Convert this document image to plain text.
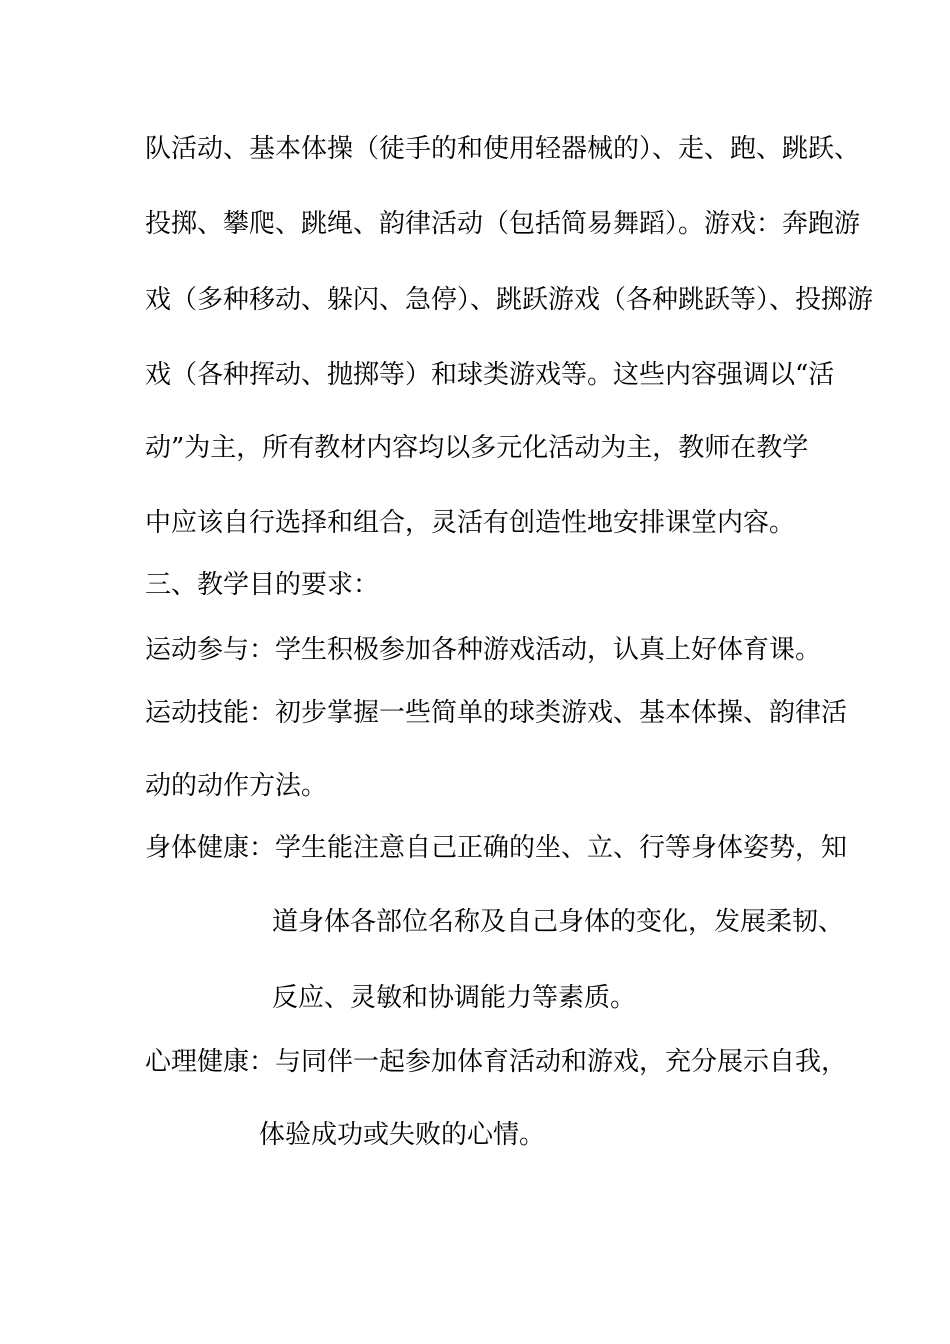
队活动、基本体操（徒手的和使用轻器械的）、走、跑、跳跃、
投掷、攀爬、跳绳、韵律活动（包括简易舞蹈）。游戏：奔跑游
戏（多种移动、躲闪、急停）、跳跃游戏（各种跳跃等）、投掷游
戏（各种挥动、抛掷等）和球类游戏等。这些内容强调以“活
动”为主，所有教材内容均以多元化活动为主，教师在教学
中应该自行选择和组合，灵活有创造性地安排课堂内容。
三、教学目的要求：
运动参与：学生积极参加各种游戏活动，认真上好体育课。
运动技能：初步掌握一些简单的球类游戏、基本体操、韵律活
动的动作方法。
身体健康：学生能注意自己正确的坐、立、行等身体姿势，知
道身体各部位名称及自己身体的变化，发展柔韧、
反应、灵敏和协调能力等素质。
心理健康：与同伴一起参加体育活动和游戏，充分展示自我，
体验成功或失败的心情。
